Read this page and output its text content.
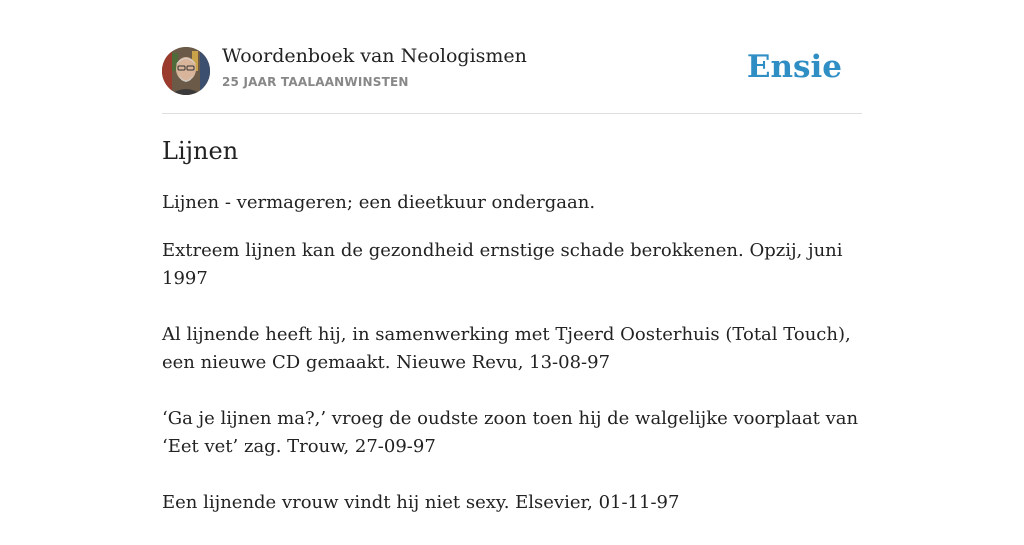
Woordenboek van Neologismen
25 JAAR TAALAANWINSTEN	Ensie
Lijnen
Lijnen - vermageren; een dieetkuur ondergaan.

Extreem lijnen kan de gezondheid ernstige schade berokkenen. Opzij, juni 1997

Al lijnende heeft hij, in samenwerking met Tjeerd Oosterhuis (Total Touch), een nieuwe CD gemaakt. Nieuwe Revu, 13-08-97

‘Ga je lijnen ma?,’ vroeg de oudste zoon toen hij de walgelijke voorplaat van ‘Eet vet’ zag. Trouw, 27-09-97

Een lijnende vrouw vindt hij niet sexy. Elsevier, 01-11-97
